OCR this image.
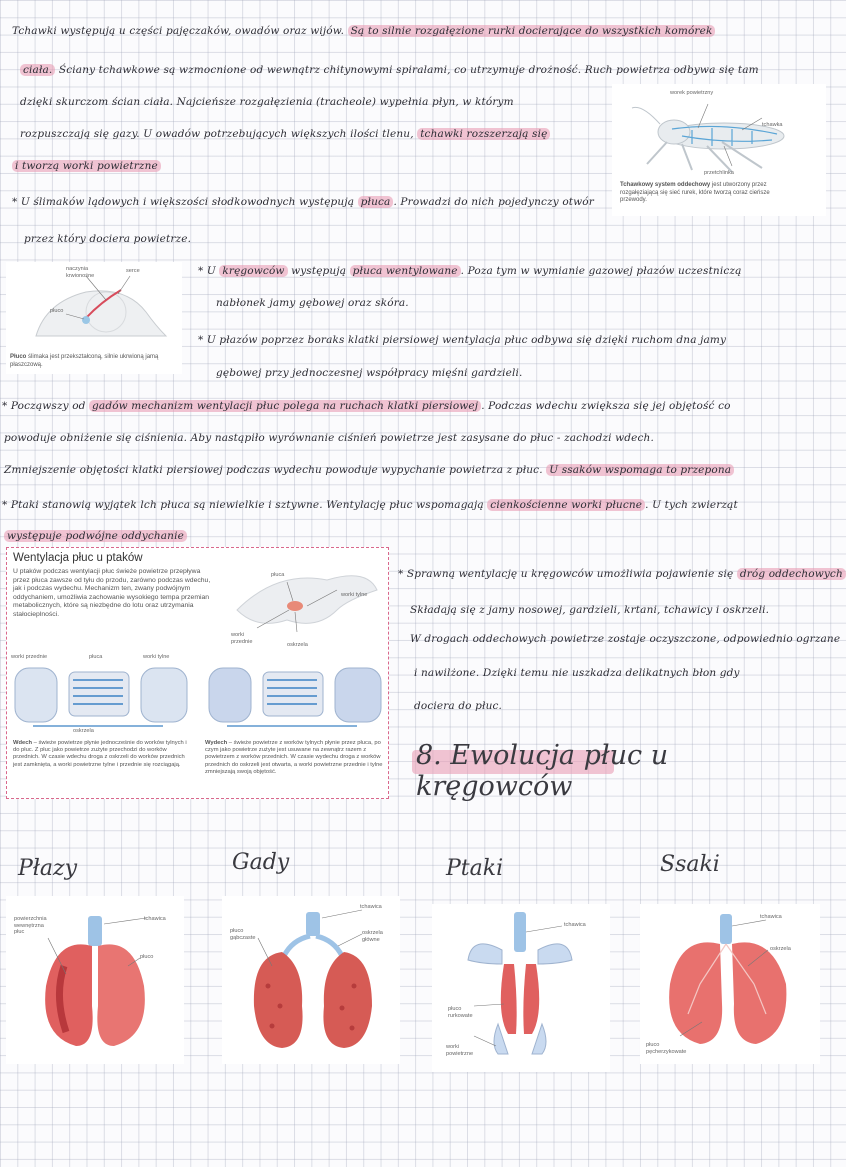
Tchawki występują u części pajęczaków, owadów oraz wijów. Są to silnie rozgałęzione rurki docierające do wszystkich komórek
ciała. Ściany tchawkowe są wzmocnione od wewnątrz chitynowymi spiralami, co utrzymuje drożność. Ruch powietrza odbywa się tam
dzięki skurczom ścian ciała. Najcieńsze rozgałęzienia (tracheole) wypełnia płyn, w którym
rozpuszczają się gazy. U owadów potrzebujących większych ilości tlenu, tchawki rozszerzają się
i tworzą worki powietrzne
worek powietrzny
tchawka
przetchlinka
Tchawkowy system oddechowy jest utworzony przez rozgałęziającą się sieć rurek, które tworzą coraz cieńsze przewody.
* U ślimaków lądowych i większości słodkowodnych występują płuca . Prowadzi do nich pojedynczy otwór
przez który dociera powietrze.
naczynia krwionośne
serce
płuco
Płuco ślimaka jest przekształconą, silnie ukrwioną jamą płaszczową.
* U kręgowców występują płuca wentylowane . Poza tym w wymianie gazowej płazów uczestniczą
nabłonek jamy gębowej oraz skóra.
* U płazów poprzez boraks klatki piersiowej wentylacja płuc odbywa się dzięki ruchom dna jamy
gębowej przy jednoczesnej współpracy mięśni gardzieli.
* Począwszy od gadów mechanizm wentylacji płuc polega na ruchach klatki piersiowej . Podczas wdechu zwiększa się jej objętość co
powoduje obniżenie się ciśnienia. Aby nastąpiło wyrównanie ciśnień powietrze jest zasysane do płuc - zachodzi wdech.
Zmniejszenie objętości klatki piersiowej podczas wydechu powoduje wypychanie powietrza z płuc. U ssaków wspomaga to przepona
* Ptaki stanowią wyjątek lch płuca są niewielkie i sztywne. Wentylację płuc wspomagają cienkościenne worki płucne . U tych zwierząt
występuje podwójne oddychanie
Wentylacja płuc u ptaków
U ptaków podczas wentylacji płuc świeże powietrze przepływa przez płuca zawsze od tyłu do przodu, zarówno podczas wdechu, jak i podczas wydechu. Mechanizm ten, zwany podwójnym oddychaniem, umożliwia zachowanie wysokiego tempa przemian metabolicznych, które są niezbędne do lotu oraz utrzymania stałocieplności.
płuca
worki tylne
worki przednie
oskrzela
worki przednie	płuca	worki tylne
oskrzela
Wdech – świeże powietrze płynie jednocześnie do worków tylnych i do płuc. Z płuc jako powietrze zużyte przechodzi do worków przednich. W czasie wdechu droga z oskrzeli do worków przednich jest zamknięta, a worki powietrzne tylne i przednie się rozciągają.
Wydech – świeże powietrze z worków tylnych płynie przez płuca, po czym jako powietrze zużyte jest usuwane na zewnątrz razem z powietrzem z worków przednich. W czasie wydechu droga z worków przednich do oskrzeli jest otwarta, a worki powietrzne przednie i tylne zmniejszają swoją objętość.
* Sprawną wentylację u kręgowców umożliwia pojawienie się dróg oddechowych
Składają się z jamy nosowej, gardzieli, krtani, tchawicy i oskrzeli.
W drogach oddechowych powietrze zostaje oczyszczone, odpowiednio ogrzane
i nawilżone. Dzięki temu nie uszkadza delikatnych błon gdy
dociera do płuc.
8. Ewolucja płuc u kręgowców
Płazy	Gady	Ptaki	Ssaki
powierzchnia wewnętrzna płuc
tchawica
płuco
płuco gąbczaste
tchawica
oskrzela główne
tchawica
płuco rurkowate
worki powietrzne
tchawica
oskrzela
płuco pęcherzykowate
